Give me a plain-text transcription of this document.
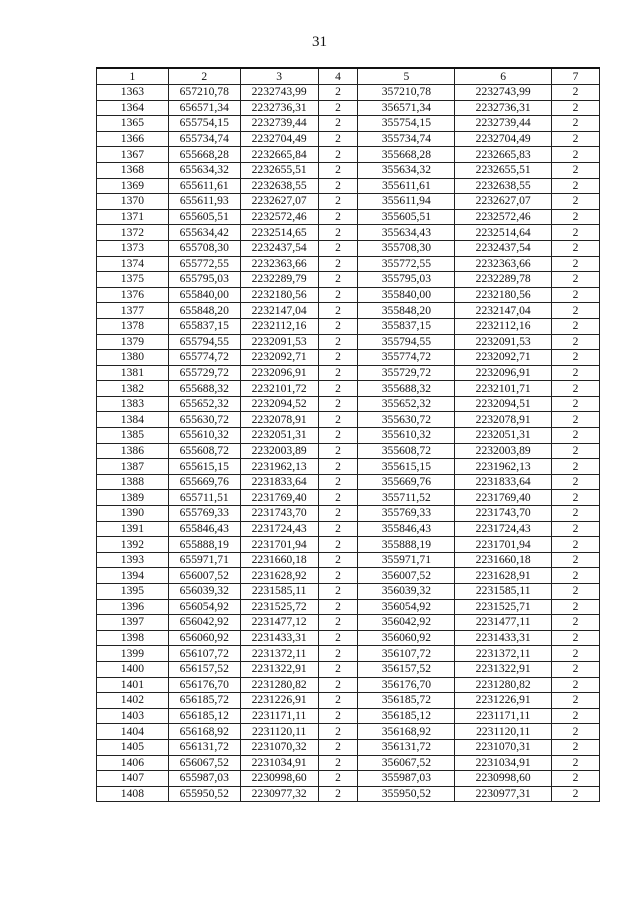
31
1	2	3	4	5	6	7
1363	657210,78	2232743,99	2	357210,78	2232743,99	2
1364	656571,34	2232736,31	2	356571,34	2232736,31	2
1365	655754,15	2232739,44	2	355754,15	2232739,44	2
1366	655734,74	2232704,49	2	355734,74	2232704,49	2
1367	655668,28	2232665,84	2	355668,28	2232665,83	2
1368	655634,32	2232655,51	2	355634,32	2232655,51	2
1369	655611,61	2232638,55	2	355611,61	2232638,55	2
1370	655611,93	2232627,07	2	355611,94	2232627,07	2
1371	655605,51	2232572,46	2	355605,51	2232572,46	2
1372	655634,42	2232514,65	2	355634,43	2232514,64	2
1373	655708,30	2232437,54	2	355708,30	2232437,54	2
1374	655772,55	2232363,66	2	355772,55	2232363,66	2
1375	655795,03	2232289,79	2	355795,03	2232289,78	2
1376	655840,00	2232180,56	2	355840,00	2232180,56	2
1377	655848,20	2232147,04	2	355848,20	2232147,04	2
1378	655837,15	2232112,16	2	355837,15	2232112,16	2
1379	655794,55	2232091,53	2	355794,55	2232091,53	2
1380	655774,72	2232092,71	2	355774,72	2232092,71	2
1381	655729,72	2232096,91	2	355729,72	2232096,91	2
1382	655688,32	2232101,72	2	355688,32	2232101,71	2
1383	655652,32	2232094,52	2	355652,32	2232094,51	2
1384	655630,72	2232078,91	2	355630,72	2232078,91	2
1385	655610,32	2232051,31	2	355610,32	2232051,31	2
1386	655608,72	2232003,89	2	355608,72	2232003,89	2
1387	655615,15	2231962,13	2	355615,15	2231962,13	2
1388	655669,76	2231833,64	2	355669,76	2231833,64	2
1389	655711,51	2231769,40	2	355711,52	2231769,40	2
1390	655769,33	2231743,70	2	355769,33	2231743,70	2
1391	655846,43	2231724,43	2	355846,43	2231724,43	2
1392	655888,19	2231701,94	2	355888,19	2231701,94	2
1393	655971,71	2231660,18	2	355971,71	2231660,18	2
1394	656007,52	2231628,92	2	356007,52	2231628,91	2
1395	656039,32	2231585,11	2	356039,32	2231585,11	2
1396	656054,92	2231525,72	2	356054,92	2231525,71	2
1397	656042,92	2231477,12	2	356042,92	2231477,11	2
1398	656060,92	2231433,31	2	356060,92	2231433,31	2
1399	656107,72	2231372,11	2	356107,72	2231372,11	2
1400	656157,52	2231322,91	2	356157,52	2231322,91	2
1401	656176,70	2231280,82	2	356176,70	2231280,82	2
1402	656185,72	2231226,91	2	356185,72	2231226,91	2
1403	656185,12	2231171,11	2	356185,12	2231171,11	2
1404	656168,92	2231120,11	2	356168,92	2231120,11	2
1405	656131,72	2231070,32	2	356131,72	2231070,31	2
1406	656067,52	2231034,91	2	356067,52	2231034,91	2
1407	655987,03	2230998,60	2	355987,03	2230998,60	2
1408	655950,52	2230977,32	2	355950,52	2230977,31	2
